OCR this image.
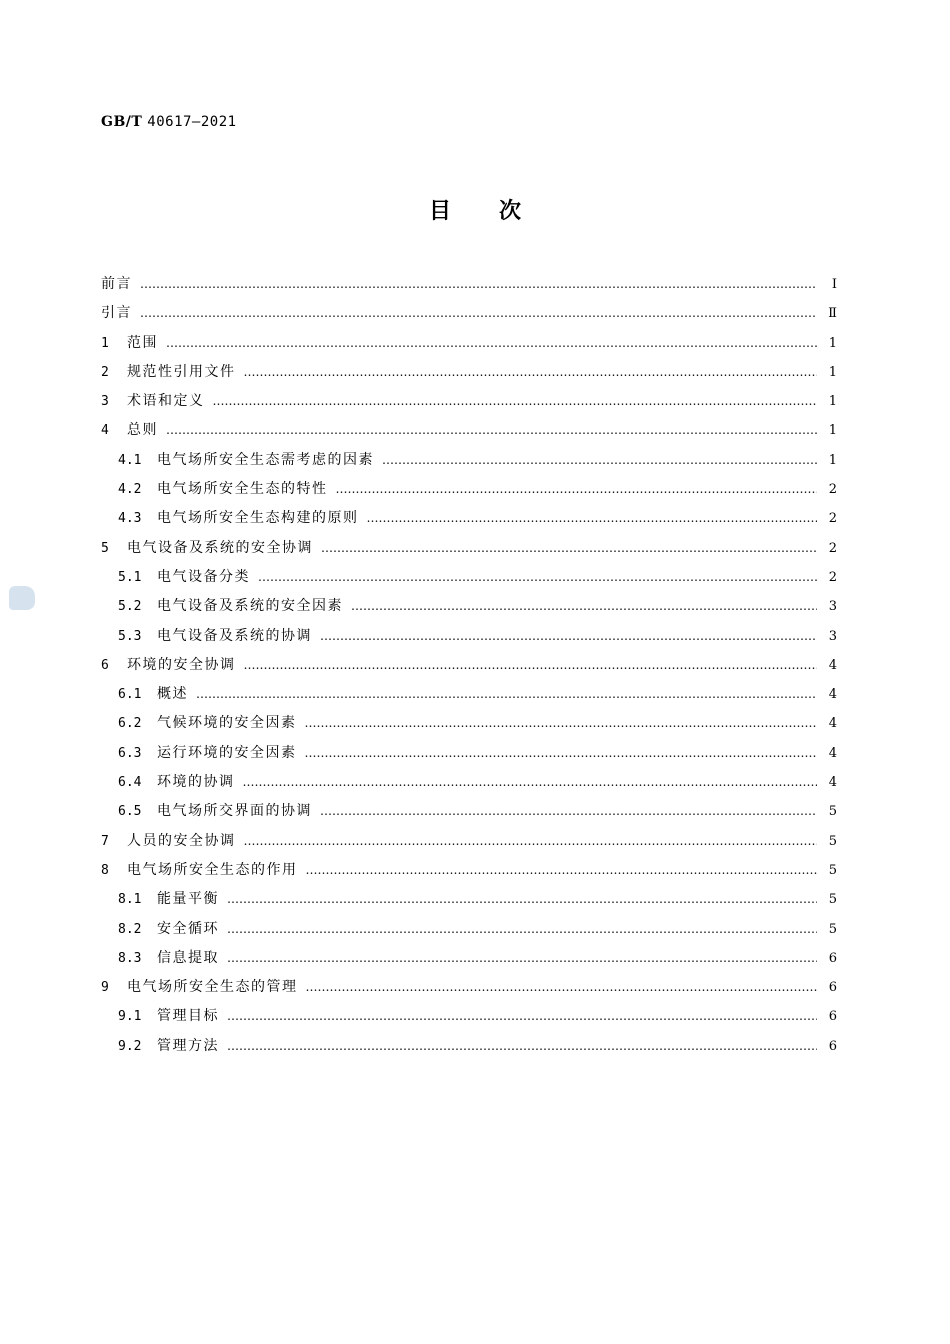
GB/T 40617—2021
目次
前言 …………………………………………………………………………………………………………………………………………………………………………………………	Ⅰ
引言 …………………………………………………………………………………………………………………………………………………………………………………………	Ⅱ
1	范围 …………………………………………………………………………………………………………………………………………………………………………………………	1
2	规范性引用文件 …………………………………………………………………………………………………………………………………………………………………………………………	1
3	术语和定义 …………………………………………………………………………………………………………………………………………………………………………………………	1
4	总则 …………………………………………………………………………………………………………………………………………………………………………………………	1
4.1	电气场所安全生态需考虑的因素 …………………………………………………………………………………………………………………………………………………………………………………………	1
4.2	电气场所安全生态的特性 …………………………………………………………………………………………………………………………………………………………………………………………	2
4.3	电气场所安全生态构建的原则 …………………………………………………………………………………………………………………………………………………………………………………………	2
5	电气设备及系统的安全协调 …………………………………………………………………………………………………………………………………………………………………………………………	2
5.1	电气设备分类 …………………………………………………………………………………………………………………………………………………………………………………………	2
5.2	电气设备及系统的安全因素 …………………………………………………………………………………………………………………………………………………………………………………………	3
5.3	电气设备及系统的协调 …………………………………………………………………………………………………………………………………………………………………………………………	3
6	环境的安全协调 …………………………………………………………………………………………………………………………………………………………………………………………	4
6.1	概述 …………………………………………………………………………………………………………………………………………………………………………………………	4
6.2	气候环境的安全因素 …………………………………………………………………………………………………………………………………………………………………………………………	4
6.3	运行环境的安全因素 …………………………………………………………………………………………………………………………………………………………………………………………	4
6.4	环境的协调 …………………………………………………………………………………………………………………………………………………………………………………………	4
6.5	电气场所交界面的协调 …………………………………………………………………………………………………………………………………………………………………………………………	5
7	人员的安全协调 …………………………………………………………………………………………………………………………………………………………………………………………	5
8	电气场所安全生态的作用 …………………………………………………………………………………………………………………………………………………………………………………………	5
8.1	能量平衡 …………………………………………………………………………………………………………………………………………………………………………………………	5
8.2	安全循环 …………………………………………………………………………………………………………………………………………………………………………………………	5
8.3	信息提取 …………………………………………………………………………………………………………………………………………………………………………………………	6
9	电气场所安全生态的管理 …………………………………………………………………………………………………………………………………………………………………………………………	6
9.1	管理目标 …………………………………………………………………………………………………………………………………………………………………………………………	6
9.2	管理方法 …………………………………………………………………………………………………………………………………………………………………………………………	6
